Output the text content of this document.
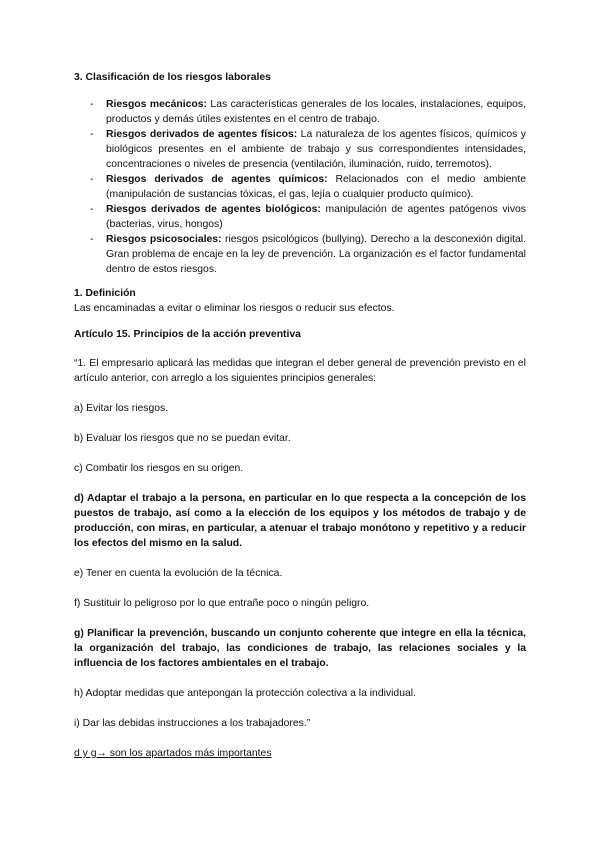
3. Clasificación de los riesgos laborales
- Riesgos mecánicos: Las características generales de los locales, instalaciones, equipos, productos y demás útiles existentes en el centro de trabajo.
- Riesgos derivados de agentes físicos: La naturaleza de los agentes físicos, químicos y biológicos presentes en el ambiente de trabajo y sus correspondientes intensidades, concentraciones o niveles de presencia (ventilación, iluminación, ruido, terremotos).
- Riesgos derivados de agentes químicos: Relacionados con el medio ambiente (manipulación de sustancias tóxicas, el gas, lejía o cualquier producto químico).
- Riesgos derivados de agentes biológicos: manipulación de agentes patógenos vivos (bacterias, virus, hongos)
- Riesgos psicosociales: riesgos psicológicos (bullying). Derecho a la desconexión digital. Gran problema de encaje en la ley de prevención. La organización es el factor fundamental dentro de estos riesgos.
1. Definición

Las encaminadas a evitar o eliminar los riesgos o reducir sus efectos.

Artículo 15. Principios de la acción preventiva

“1. El empresario aplicará las medidas que integran el deber general de prevención previsto en el artículo anterior, con arreglo a los siguientes principios generales:

a) Evitar los riesgos.

b) Evaluar los riesgos que no se puedan evitar.

c) Combatir los riesgos en su origen.

d) Adaptar el trabajo a la persona, en particular en lo que respecta a la concepción de los puestos de trabajo, así como a la elección de los equipos y los métodos de trabajo y de producción, con miras, en particular, a atenuar el trabajo monótono y repetitivo y a reducir los efectos del mismo en la salud.

e) Tener en cuenta la evolución de la técnica.

f) Sustituir lo peligroso por lo que entrañe poco o ningún peligro.

g) Planificar la prevención, buscando un conjunto coherente que integre en ella la técnica, la organización del trabajo, las condiciones de trabajo, las relaciones sociales y la influencia de los factores ambientales en el trabajo.

h) Adoptar medidas que antepongan la protección colectiva a la individual.

i) Dar las debidas instrucciones a los trabajadores.”

d y g→ son los apartados más importantes
